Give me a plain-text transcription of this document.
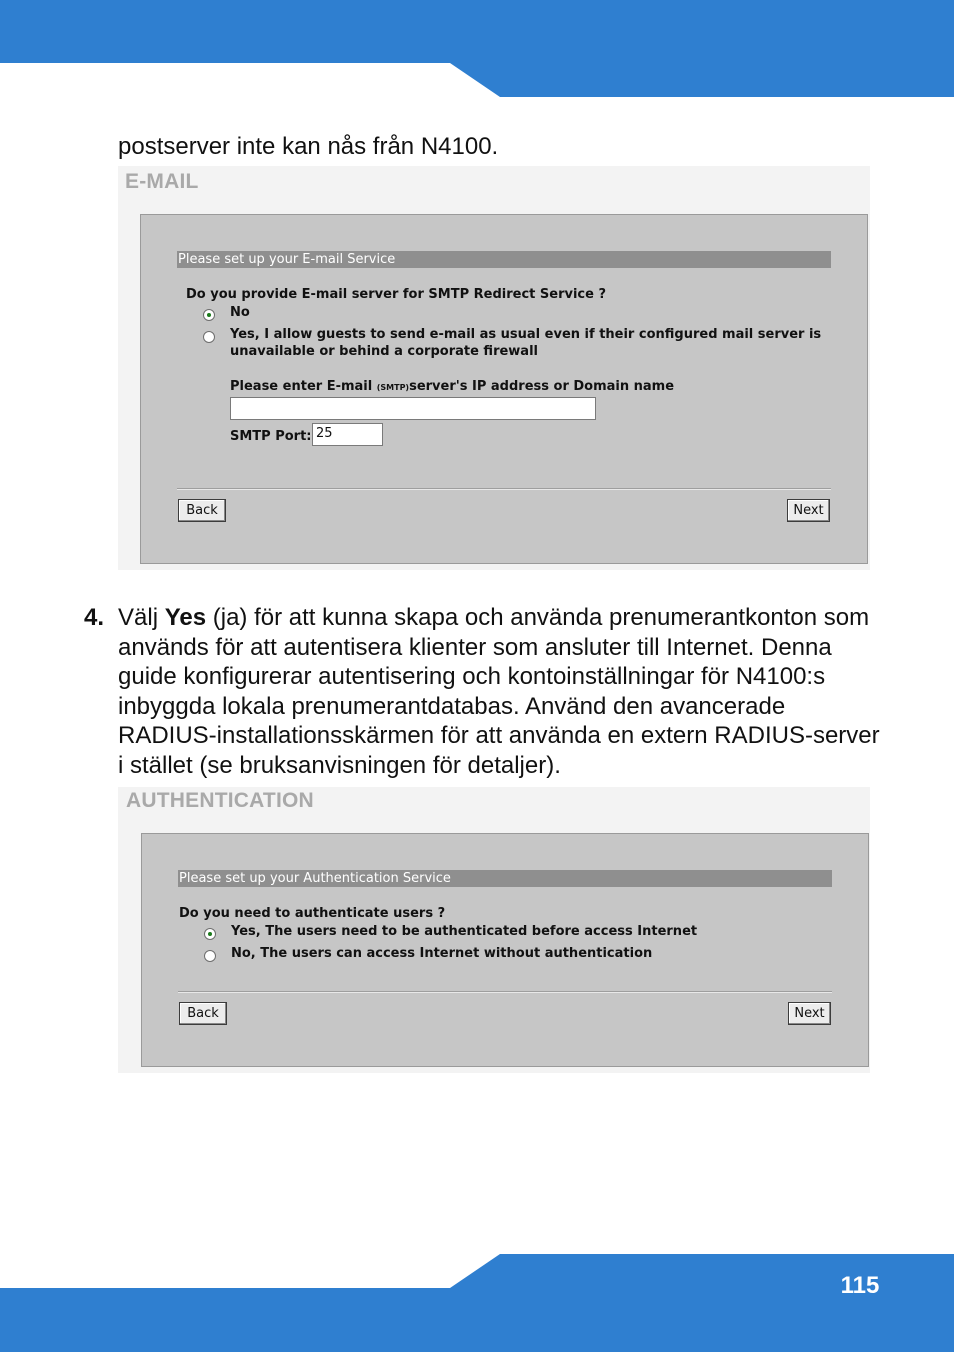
postserver inte kan nås från N4100.
E-MAIL
Please set up your E-mail Service
Do you provide E-mail server for SMTP Redirect Service ?
No
Yes, I allow guests to send e-mail as usual even if their configured mail server is
unavailable or behind a corporate firewall
Please enter E-mail (SMTP)server's IP address or Domain name
SMTP Port: 25
Back	Next
4. Välj Yes (ja) för att kunna skapa och använda prenumerantkonton som används för att autentisera klienter som ansluter till Internet. Denna guide konfigurerar autentisering och kontoinställningar för N4100:s inbyggda lokala prenumerantdatabas. Använd den avancerade RADIUS-installationsskärmen för att använda en extern RADIUS-server i stället (se bruksanvisningen för detaljer).
AUTHENTICATION
Please set up your Authentication Service
Do you need to authenticate users ?
Yes, The users need to be authenticated before access Internet
No, The users can access Internet without authentication
Back	Next
115
